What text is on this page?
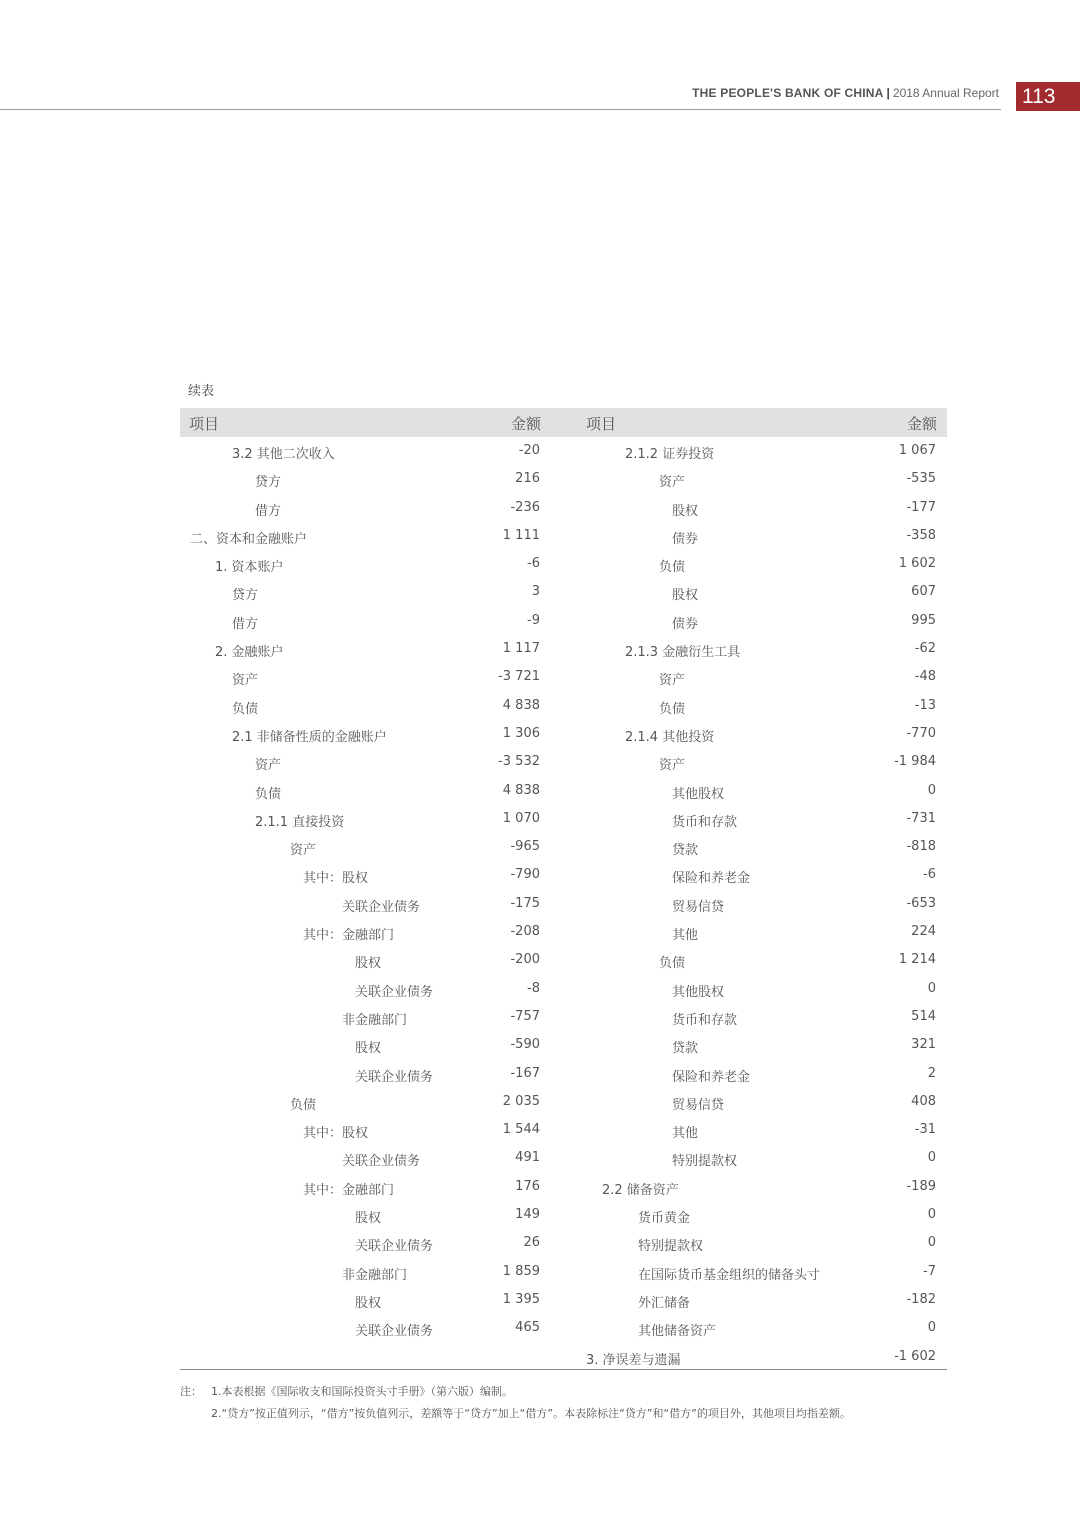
THE PEOPLE'S BANK OF CHINA | 2018 Annual Report 113
续表
项目	金额	项目	金额
3.2 其他二次收入	-20
贷方	216
借方	-236
二、资本和金融账户	1 111
1. 资本账户	-6
贷方	3
借方	-9
2. 金融账户	1 117
资产	-3 721
负债	4 838
2.1 非储备性质的金融账户	1 306
资产	-3 532
负债	4 838
2.1.1 直接投资	1 070
资产	-965
其中：股权	-790
关联企业债务	-175
其中：金融部门	-208
股权	-200
关联企业债务	-8
非金融部门	-757
股权	-590
关联企业债务	-167
负债	2 035
其中：股权	1 544
关联企业债务	491
其中：金融部门	176
股权	149
关联企业债务	26
非金融部门	1 859
股权	1 395
关联企业债务	465
2.1.2 证券投资	1 067
资产	-535
股权	-177
债券	-358
负债	1 602
股权	607
债券	995
2.1.3 金融衍生工具	-62
资产	-48
负债	-13
2.1.4 其他投资	-770
资产	-1 984
其他股权	0
货币和存款	-731
贷款	-818
保险和养老金	-6
贸易信贷	-653
其他	224
负债	1 214
其他股权	0
货币和存款	514
贷款	321
保险和养老金	2
贸易信贷	408
其他	-31
特别提款权	0
2.2 储备资产	-189
货币黄金	0
特别提款权	0
在国际货币基金组织的储备头寸	-7
外汇储备	-182
其他储备资产	0
3. 净误差与遗漏	-1 602
注： 1.本表根据《国际收支和国际投资头寸手册》（第六版）编制。
2.“贷方”按正值列示，“借方”按负值列示，差额等于“贷方”加上“借方”。本表除标注“贷方”和“借方”的项目外，其他项目均指差额。
